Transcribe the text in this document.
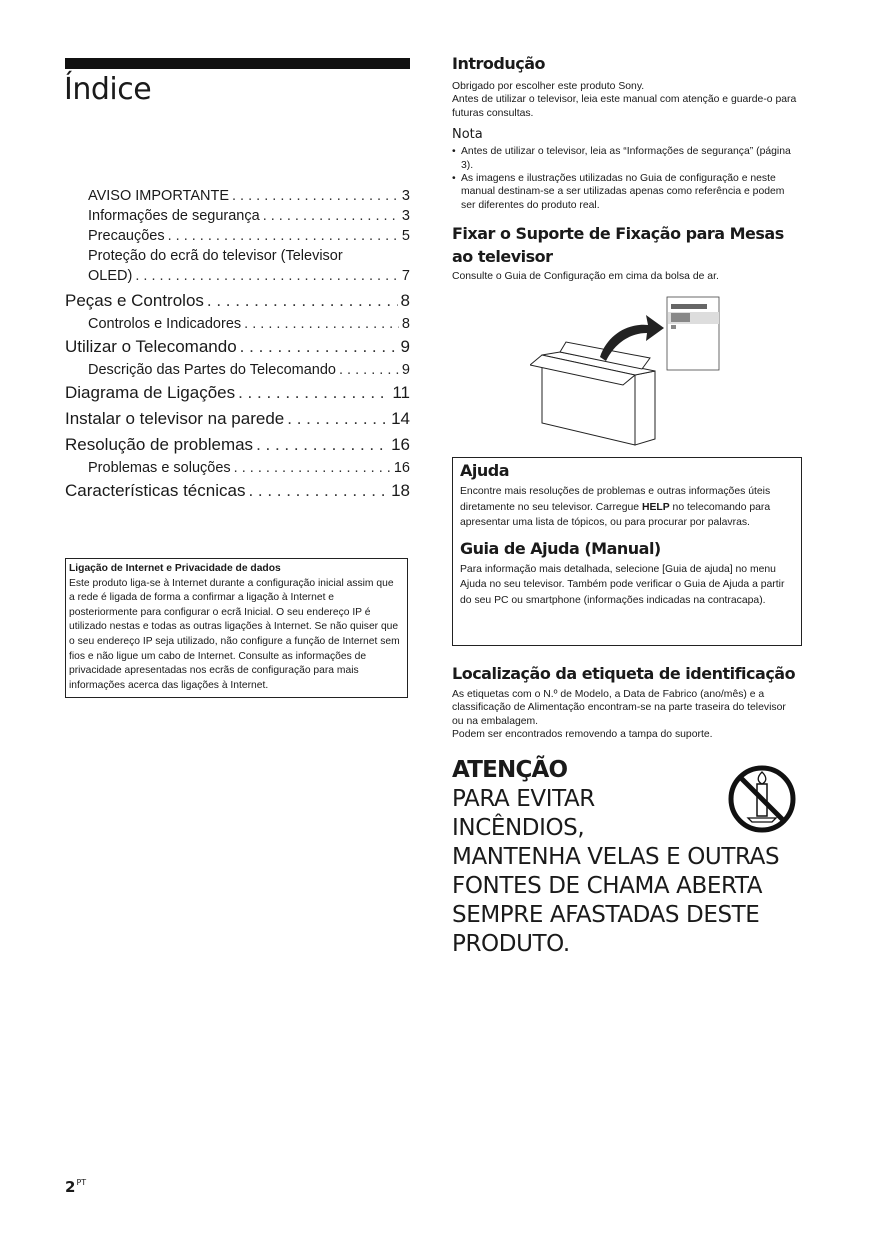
Índice
AVISO IMPORTANTE . . .	3
Informações de segurança . . .	3
Precauções . . .	5
Proteção do ecrã do televisor (Televisor
OLED) . . .	7
Peças e Controlos . . .	8
Controlos e Indicadores . . .	8
Utilizar o Telecomando . . .	9
Descrição das Partes do Telecomando . . .	9
Diagrama de Ligações . . .	11
Instalar o televisor na parede . . .	14
Resolução de problemas . . .	16
Problemas e soluções . . .	16
Características técnicas . . .	18
Ligação de Internet e Privacidade de dados
Este produto liga-se à Internet durante a configuração inicial assim que a rede é ligada de forma a confirmar a ligação à Internet e posteriormente para configurar o ecrã Inicial. O seu endereço IP é utilizado nestas e todas as outras ligações à Internet. Se não quiser que o seu endereço IP seja utilizado, não configure a função de Internet sem fios e não ligue um cabo de Internet. Consulte as informações de privacidade apresentadas nos ecrãs de configuração para mais informações acerca das ligações à Internet.
Introdução
Obrigado por escolher este produto Sony.
Antes de utilizar o televisor, leia este manual com atenção e guarde-o para futuras consultas.
Nota
• Antes de utilizar o televisor, leia as “Informações de segurança” (página 3).
• As imagens e ilustrações utilizadas no Guia de configuração e neste manual destinam-se a ser utilizadas apenas como referência e podem ser diferentes do produto real.
Fixar o Suporte de Fixação para Mesas ao televisor
Consulte o Guia de Configuração em cima da bolsa de ar.
Ajuda
Encontre mais resoluções de problemas e outras informações úteis diretamente no seu televisor. Carregue HELP no telecomando para apresentar uma lista de tópicos, ou para procurar por palavras.
Guia de Ajuda (Manual)
Para informação mais detalhada, selecione [Guia de ajuda] no menu Ajuda no seu televisor. Também pode verificar o Guia de Ajuda a partir do seu PC ou smartphone (informações indicadas na contracapa).
Localização da etiqueta de identificação
As etiquetas com o N.º de Modelo, a Data de Fabrico (ano/mês) e a classificação de Alimentação encontram-se na parte traseira do televisor ou na embalagem.
Podem ser encontrados removendo a tampa do suporte.
ATENÇÃO
PARA EVITAR
INCÊNDIOS,
MANTENHA VELAS E OUTRAS
FONTES DE CHAMA ABERTA
SEMPRE AFASTADAS DESTE
PRODUTO.
$2^{PT}$
